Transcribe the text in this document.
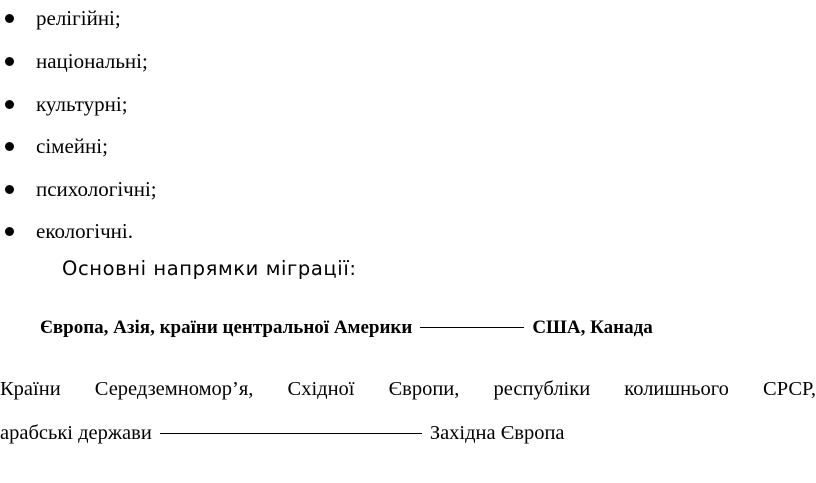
релігійні;
національні;
культурні;
сімейні;
психологічні;
екологічні.
Основні напрямки міграції:
Європа, Азія, країни центральної Америки	США, Канада
Країни Середземномор’я, Східної Європи, республіки колишнього СРСР,
арабські держави	Західна Європа
